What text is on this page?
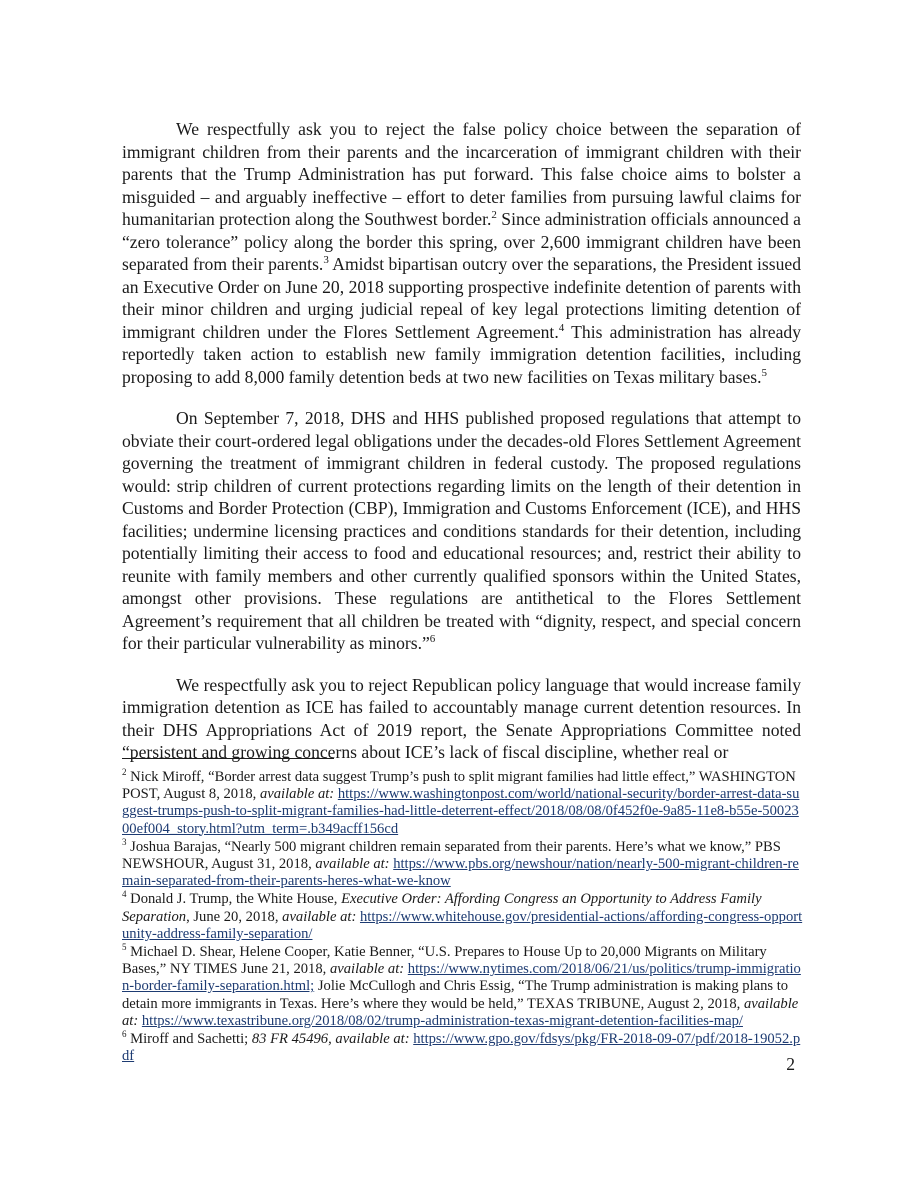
We respectfully ask you to reject the false policy choice between the separation of immigrant children from their parents and the incarceration of immigrant children with their parents that the Trump Administration has put forward. This false choice aims to bolster a misguided – and arguably ineffective – effort to deter families from pursuing lawful claims for humanitarian protection along the Southwest border.$^2$ Since administration officials announced a “zero tolerance” policy along the border this spring, over 2,600 immigrant children have been separated from their parents.$^3$ Amidst bipartisan outcry over the separations, the President issued an Executive Order on June 20, 2018 supporting prospective indefinite detention of parents with their minor children and urging judicial repeal of key legal protections limiting detention of immigrant children under the Flores Settlement Agreement.$^4$ This administration has already reportedly taken action to establish new family immigration detention facilities, including proposing to add 8,000 family detention beds at two new facilities on Texas military bases.$^5$

On September 7, 2018, DHS and HHS published proposed regulations that attempt to obviate their court-ordered legal obligations under the decades-old Flores Settlement Agreement governing the treatment of immigrant children in federal custody. The proposed regulations would: strip children of current protections regarding limits on the length of their detention in Customs and Border Protection (CBP), Immigration and Customs Enforcement (ICE), and HHS facilities; undermine licensing practices and conditions standards for their detention, including potentially limiting their access to food and educational resources; and, restrict their ability to reunite with family members and other currently qualified sponsors within the United States, amongst other provisions. These regulations are antithetical to the Flores Settlement Agreement’s requirement that all children be treated with “dignity, respect, and special concern for their particular vulnerability as minors.”$^6$

We respectfully ask you to reject Republican policy language that would increase family immigration detention as ICE has failed to accountably manage current detention resources. In their DHS Appropriations Act of 2019 report, the Senate Appropriations Committee noted “persistent and growing concerns about ICE’s lack of fiscal discipline, whether real or

$^2$ Nick Miroff, “Border arrest data suggest Trump’s push to split migrant families had little effect,” WASHINGTON POST, August 8, 2018, available at: https://www.washingtonpost.com/world/national-security/border-arrest-data-suggest-trumps-push-to-split-migrant-families-had-little-deterrent-effect/2018/08/08/0f452f0e-9a85-11e8-b55e-5002300ef004_story.html?utm_term=.b349acff156cd
$^3$ Joshua Barajas, “Nearly 500 migrant children remain separated from their parents. Here’s what we know,” PBS NEWSHOUR, August 31, 2018, available at: https://www.pbs.org/newshour/nation/nearly-500-migrant-children-remain-separated-from-their-parents-heres-what-we-know
$^4$ Donald J. Trump, the White House, Executive Order: Affording Congress an Opportunity to Address Family Separation, June 20, 2018, available at: https://www.whitehouse.gov/presidential-actions/affording-congress-opportunity-address-family-separation/
$^5$ Michael D. Shear, Helene Cooper, Katie Benner, “U.S. Prepares to House Up to 20,000 Migrants on Military Bases,” NY TIMES June 21, 2018, available at: https://www.nytimes.com/2018/06/21/us/politics/trump-immigration-border-family-separation.html; Jolie McCullogh and Chris Essig, “The Trump administration is making plans to detain more immigrants in Texas. Here’s where they would be held,” TEXAS TRIBUNE, August 2, 2018, available at: https://www.texastribune.org/2018/08/02/trump-administration-texas-migrant-detention-facilities-map/
$^6$ Miroff and Sachetti; 83 FR 45496, available at: https://www.gpo.gov/fdsys/pkg/FR-2018-09-07/pdf/2018-19052.pdf	2
